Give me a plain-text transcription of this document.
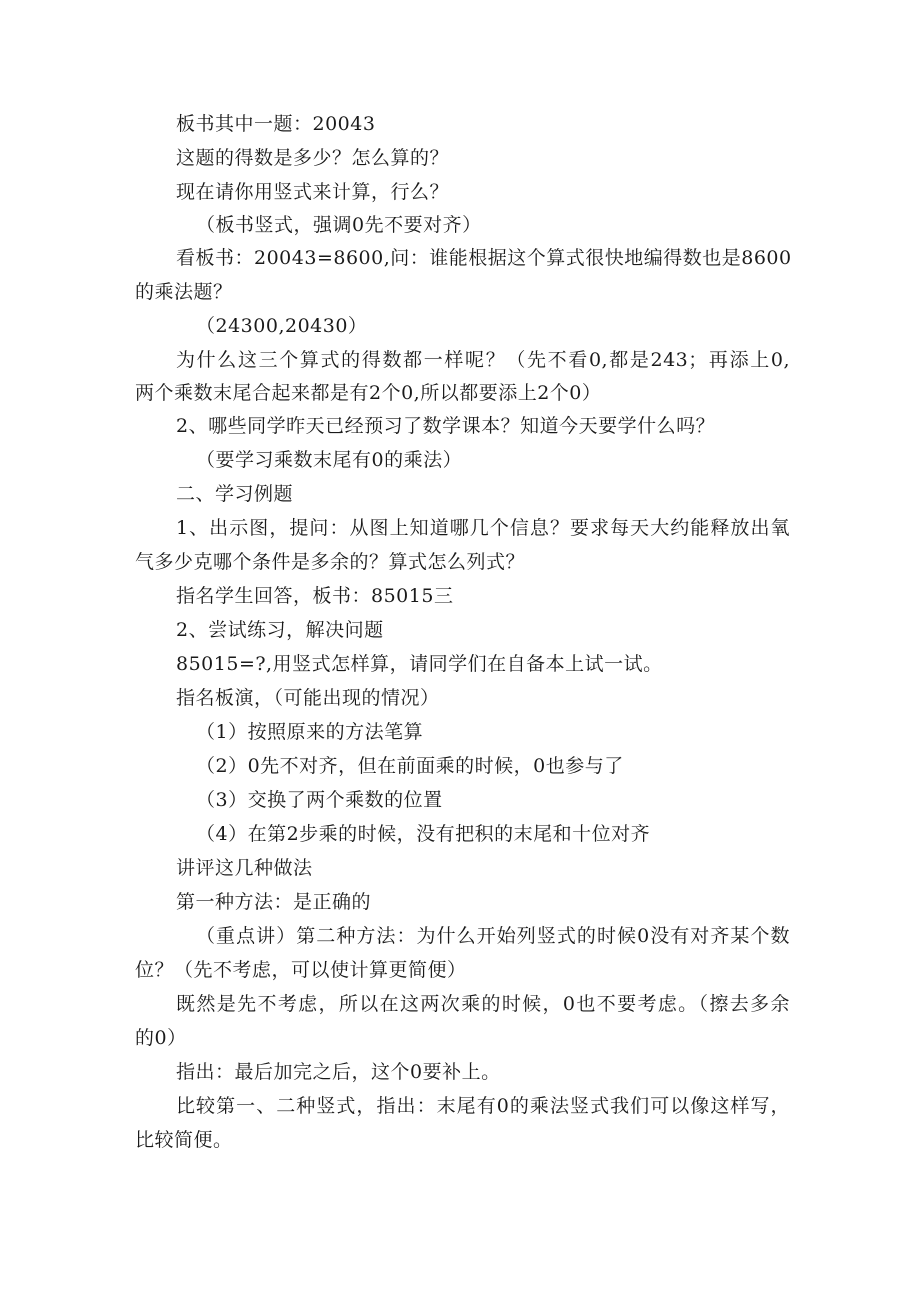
板书其中一题：20043
这题的得数是多少？怎么算的？
现在请你用竖式来计算，行么？
（板书竖式，强调0先不要对齐）
看板书：20043=8600,问：谁能根据这个算式很快地编得数也是8600
的乘法题？
（24300,20430）
为什么这三个算式的得数都一样呢？（先不看0,都是243；再添上0,
两个乘数末尾合起来都是有2个0,所以都要添上2个0）
2、哪些同学昨天已经预习了数学课本？知道今天要学什么吗？
（要学习乘数末尾有0的乘法）
二、学习例题
1、出示图，提问：从图上知道哪几个信息？要求每天大约能释放出氧
气多少克哪个条件是多余的？算式怎么列式？
指名学生回答，板书：85015三
2、尝试练习，解决问题
85015=?,用竖式怎样算，请同学们在自备本上试一试。
指名板演，（可能出现的情况）
（1）按照原来的方法笔算
（2）0先不对齐，但在前面乘的时候，0也参与了
（3）交换了两个乘数的位置
（4）在第2步乘的时候，没有把积的末尾和十位对齐
讲评这几种做法
第一种方法：是正确的
（重点讲）第二种方法：为什么开始列竖式的时候0没有对齐某个数
位？（先不考虑，可以使计算更简便）
既然是先不考虑，所以在这两次乘的时候，0也不要考虑。（擦去多余
的0）
指出：最后加完之后，这个0要补上。
比较第一、二种竖式，指出：末尾有0的乘法竖式我们可以像这样写，
比较简便。
